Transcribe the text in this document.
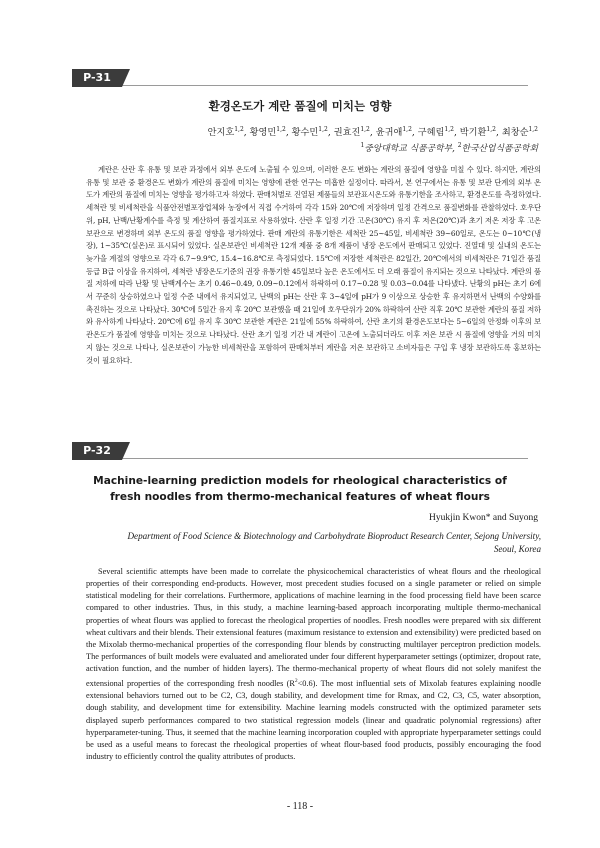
P-31
환경온도가 계란 품질에 미치는 영향
안지호$^{1,2}$, 황영민$^{1,2}$, 황수민$^{1,2}$, 권효진$^{1,2}$, 윤귀애$^{1,2}$, 구혜림$^{1,2}$, 박기환$^{1,2}$, 최창순$^{1,2}$
$^1$중앙대학교 식품공학부, $^2$한국산업식품공학회

계란은 산란 후 유통 및 보관 과정에서 외부 온도에 노출될 수 있으며, 이러한 온도 변화는 계란의 품질에 영향을 미칠 수 있다. 하지만, 계란의 유통 및 보관 중 환경온도 변화가 계란의 품질에 미치는 영향에 관한 연구는 미흡한 실정이다. 따라서, 본 연구에서는 유통 및 보관 단계의 외부 온도가 계란의 품질에 미치는 영향을 평가하고자 하였다. 판매처별로 진열된 제품들의 보관표시온도와 유통기한을 조사하고, 환경온도를 측정하였다. 세척란 및 비세척란을 식품안전별포장업체와 농장에서 직접 수거하여 각각 15와 20℃에 저장하며 일정 간격으로 품질변화를 관찰하였다. 호우단위, pH, 난백/난황계수를 측정 및 계산하여 품질지표로 사용하였다. 산란 후 일정 기간 고온(30℃) 유지 후 저온(20℃)과 초기 저온 저장 후 고온 보관으로 변경하며 외부 온도의 품질 영향을 평가하였다. 판매 계란의 유통기한은 세척란 25~45일, 비세척란 39~60일로, 온도는 0~10℃(냉장), 1~35℃(실온)로 표시되어 있었다. 실온보관인 비세척란 12개 제품 중 8개 제품이 냉장 온도에서 판매되고 있었다. 진열대 및 실내의 온도는 늦가을 계절의 영향으로 각각 6.7~9.9℃, 15.4~16.8℃로 측정되었다. 15℃에 저장한 세척란은 82일간, 20℃에서의 비세척란은 71일간 품질등급 B급 이상을 유지하여, 세척란 냉장온도기준의 권장 유통기한 45일보다 높은 온도에서도 더 오래 품질이 유지되는 것으로 나타났다. 계란의 품질 저하에 따라 난황 및 난백계수는 초기 0.46~0.49, 0.09~0.12에서 하락하여 0.17~0.28 및 0.03~0.04를 나타냈다. 난황의 pH는 초기 6에서 꾸준히 상승하였으나 일정 수준 내에서 유지되었고, 난백의 pH는 산란 후 3~4일에 pH가 9 이상으로 상승한 후 유지하면서 난백의 수양화를 촉진하는 것으로 나타났다. 30℃에 5일간 유지 후 20℃ 보관했을 때 21일에 호우단위가 20% 하락하여 산란 직후 20℃ 보관한 계란의 품질 저하와 유사하게 나타났다. 20℃에 6일 유지 후 30℃ 보관한 계란은 21일에 55% 하락하여, 산란 초기의 환경온도보다는 5~6일의 안정화 이후의 보관온도가 품질에 영향을 미치는 것으로 나타났다. 산란 초기 일정 기간 내 계란이 고온에 노출되더라도 이후 저온 보관 시 품질에 영향을 거의 미치지 않는 것으로 나타나, 실온보관이 가능한 비세척란을 포함하여 판매처부터 계란을 저온 보관하고 소비자들은 구입 후 냉장 보관하도록 홍보하는 것이 필요하다.

P-32

Machine-learning prediction models for rheological characteristics of
fresh noodles from thermo-mechanical features of wheat flours

Hyukjin Kwon* and Suyong

Department of Food Science & Biotechnology and Carbohydrate Bioproduct Research Center, Sejong University,
Seoul, Korea

Several scientific attempts have been made to correlate the physicochemical characteristics of wheat flours and the rheological properties of their corresponding end-products. However, most precedent studies focused on a single parameter or relied on simple statistical modeling for their correlations. Furthermore, applications of machine learning in the food processing field have been scarce compared to other industries. Thus, in this study, a machine learning-based approach incorporating multiple thermo-mechanical properties of wheat flours was applied to forecast the rheological properties of noodles. Fresh noodles were prepared with six different wheat cultivars and their blends. Their extensional features (maximum resistance to extension and extensibility) were predicted based on the Mixolab thermo-mechanical properties of the corresponding flour blends by constructing multilayer perceptron prediction models. The performances of built models were evaluated and ameliorated under four different hyperparameter settings (optimizer, dropout rate, activation function, and the number of hidden layers). The thermo-mechanical property of wheat flours did not solely manifest the extensional properties of the corresponding fresh noodles $(R^2<0.6)$. The most influential sets of Mixolab features explaining noodle extensional behaviors turned out to be C2, C3, dough stability, and development time for Rmax, and C2, C3, C5, water absorption, dough stability, and development time for extensibility. Machine learning models constructed with the optimized parameter sets displayed superb performances compared to two statistical regression models (linear and quadratic polynomial regressions) after hyperparameter-tuning. Thus, it seemed that the machine learning incorporation coupled with appropriate hyperparameter settings could be used as a useful means to forecast the rheological properties of wheat flour-based food products, possibly encouraging the food industry to efficiently control the quality attributes of products.

- 118 -
